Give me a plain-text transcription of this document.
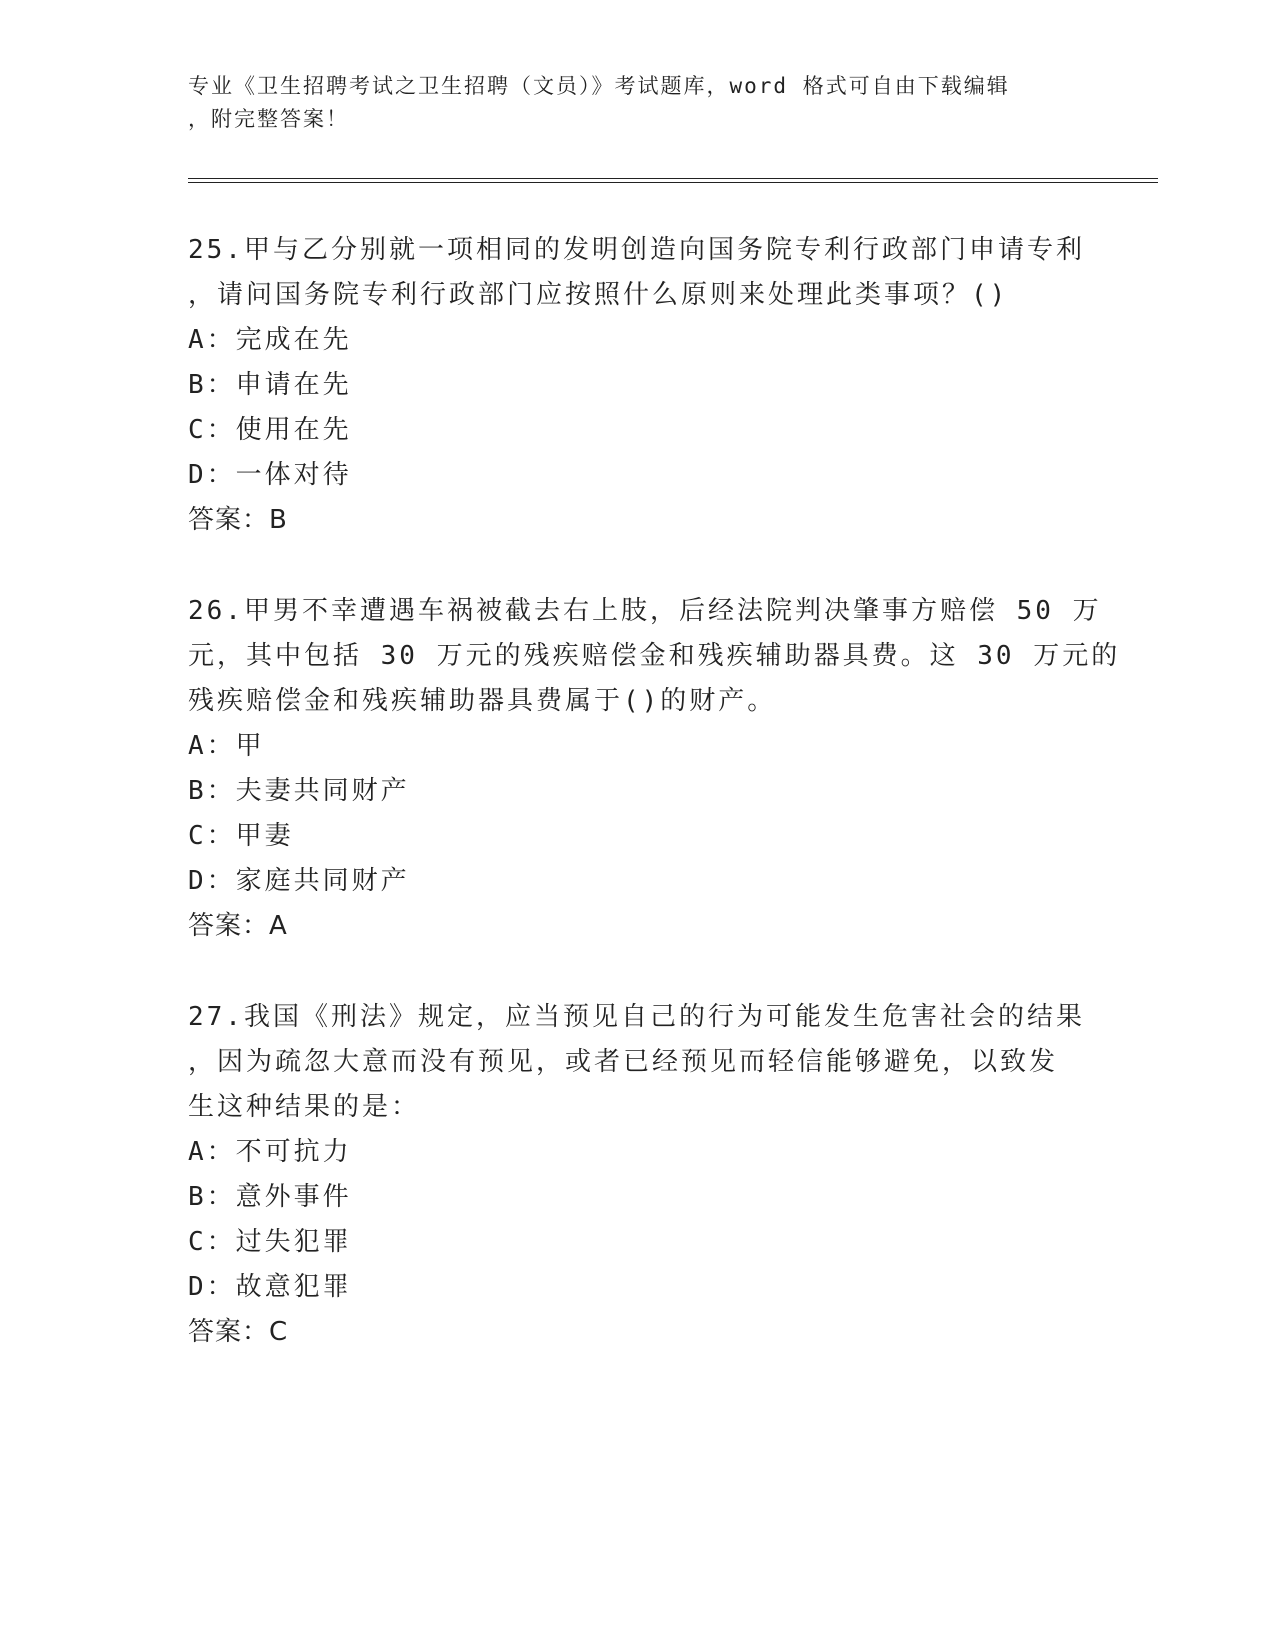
专业《卫生招聘考试之卫生招聘（文员）》考试题库，word 格式可自由下载编辑
，附完整答案！
25.甲与乙分别就一项相同的发明创造向国务院专利行政部门申请专利
，请问国务院专利行政部门应按照什么原则来处理此类事项？()
A：完成在先
B：申请在先
C：使用在先
D：一体对待
答案：B
26.甲男不幸遭遇车祸被截去右上肢，后经法院判决肇事方赔偿 50 万
元，其中包括 30 万元的残疾赔偿金和残疾辅助器具费。这 30 万元的
残疾赔偿金和残疾辅助器具费属于()的财产。
A：甲
B：夫妻共同财产
C：甲妻
D：家庭共同财产
答案：A
27.我国《刑法》规定，应当预见自己的行为可能发生危害社会的结果
，因为疏忽大意而没有预见，或者已经预见而轻信能够避免，以致发
生这种结果的是：
A：不可抗力
B：意外事件
C：过失犯罪
D：故意犯罪
答案：C
